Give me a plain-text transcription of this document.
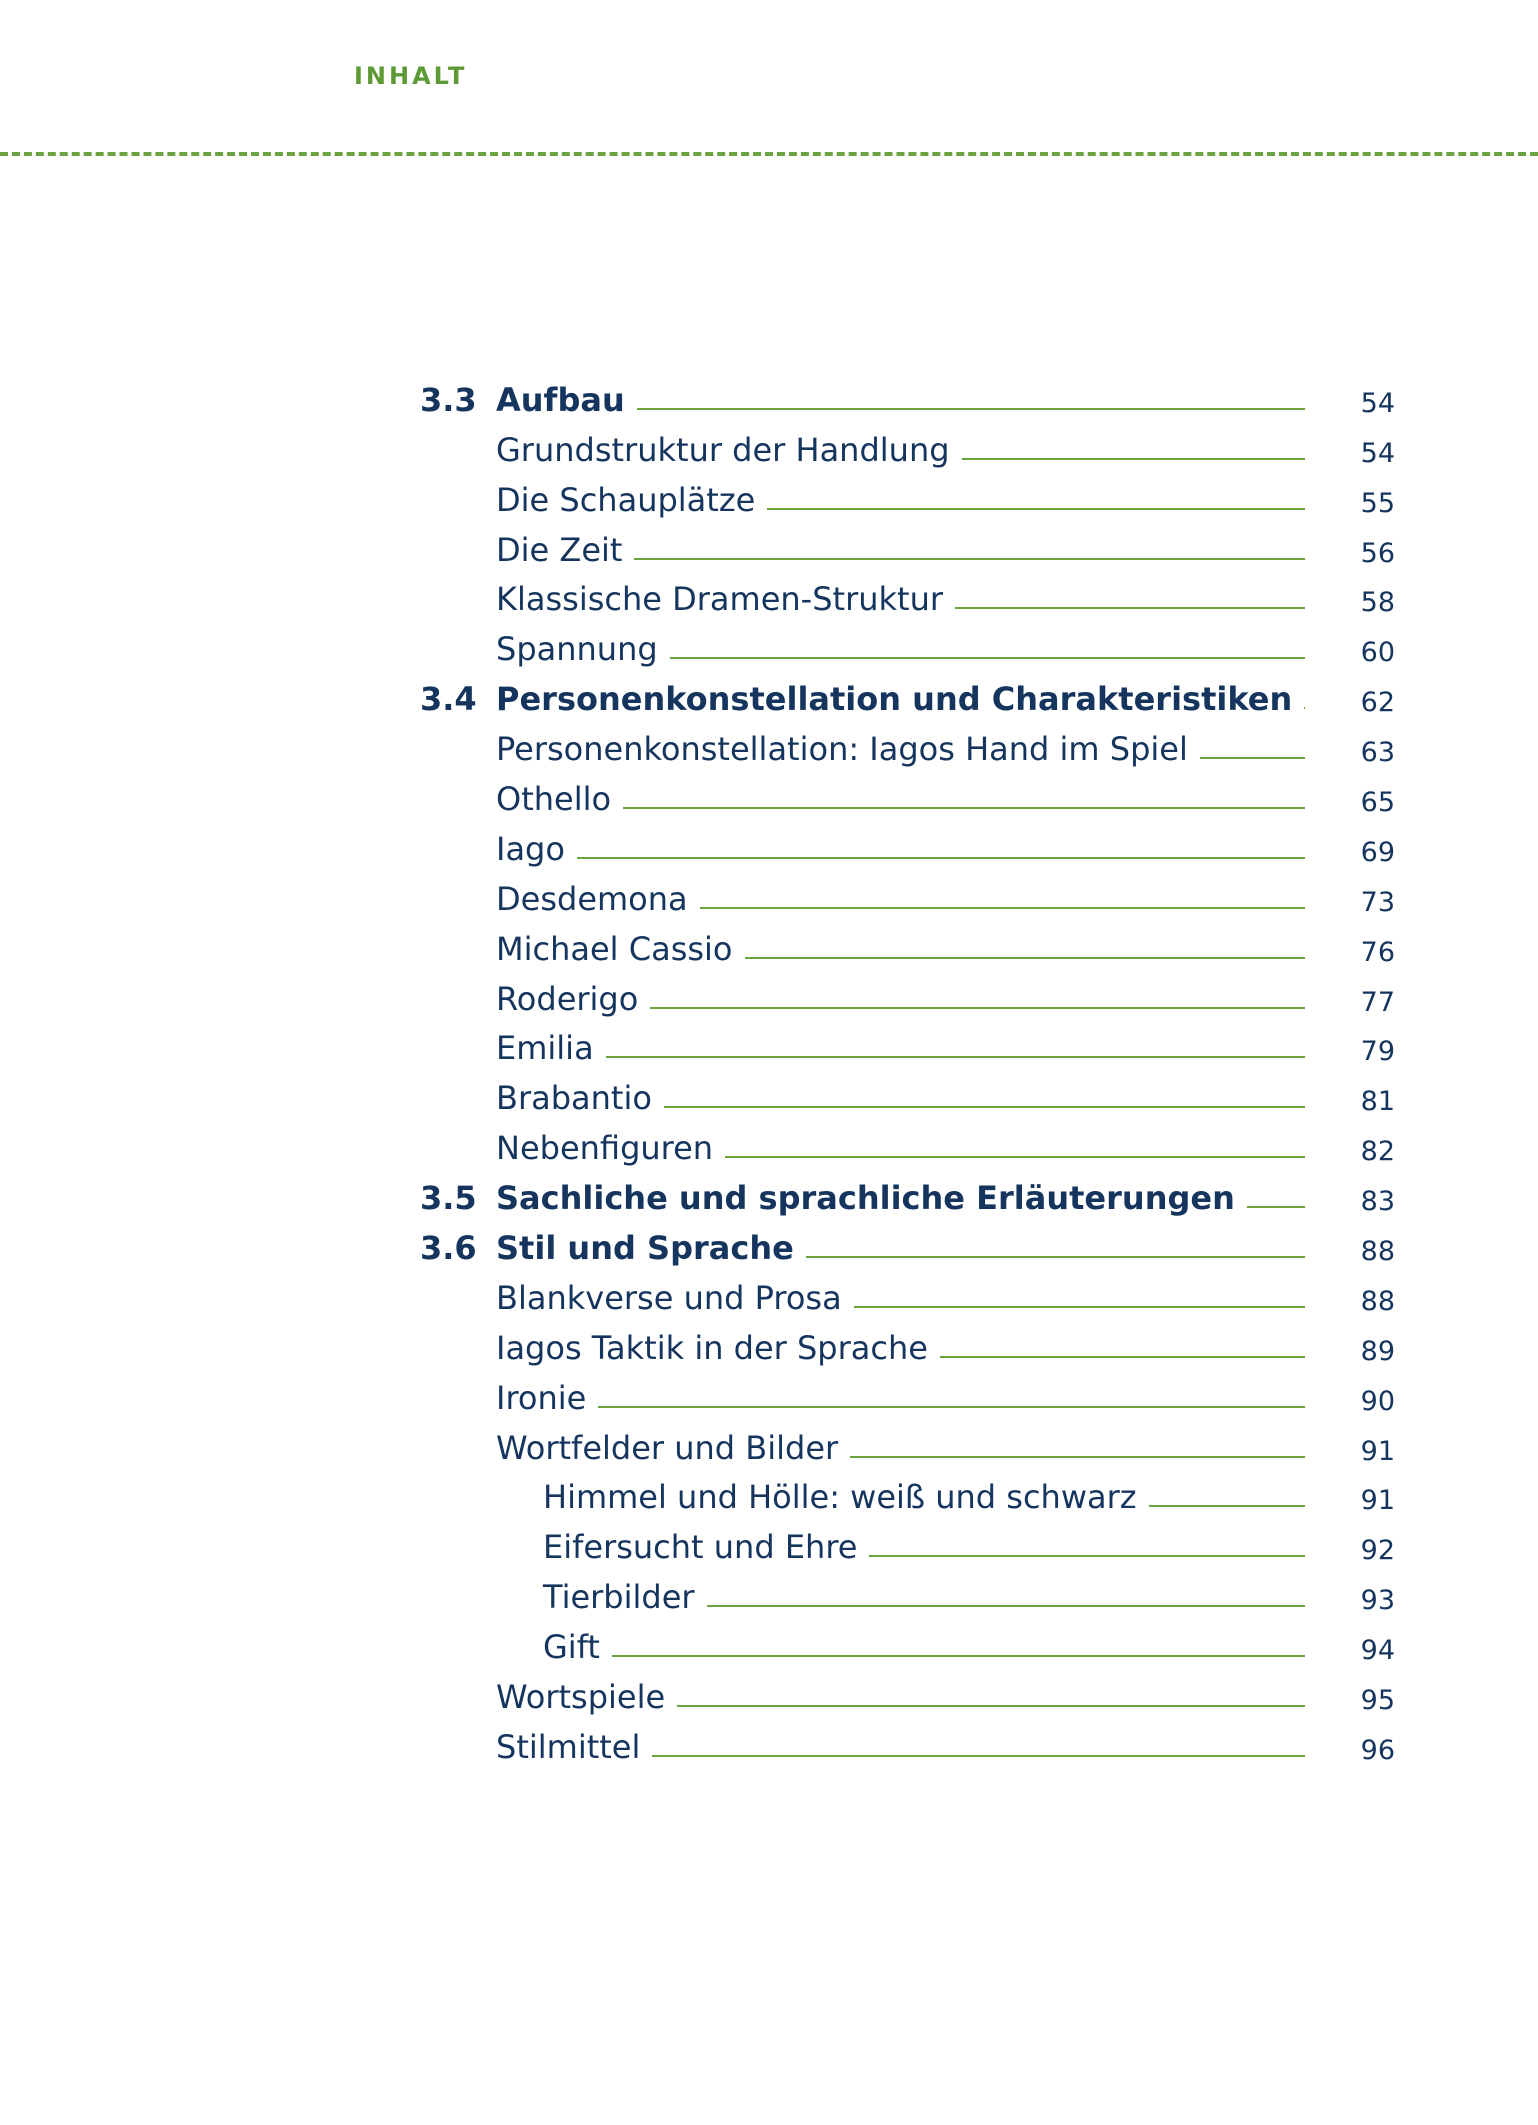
INHALT
3.3 Aufbau	54
Grundstruktur der Handlung	54
Die Schauplätze	55
Die Zeit	56
Klassische Dramen-Struktur	58
Spannung	60
3.4 Personenkonstellation und Charakteristiken	62
Personenkonstellation: Iagos Hand im Spiel	63
Othello	65
Iago	69
Desdemona	73
Michael Cassio	76
Roderigo	77
Emilia	79
Brabantio	81
Nebenfiguren	82
3.5 Sachliche und sprachliche Erläuterungen	83
3.6 Stil und Sprache	88
Blankverse und Prosa	88
Iagos Taktik in der Sprache	89
Ironie	90
Wortfelder und Bilder	91
Himmel und Hölle: weiß und schwarz	91
Eifersucht und Ehre	92
Tierbilder	93
Gift	94
Wortspiele	95
Stilmittel	96
